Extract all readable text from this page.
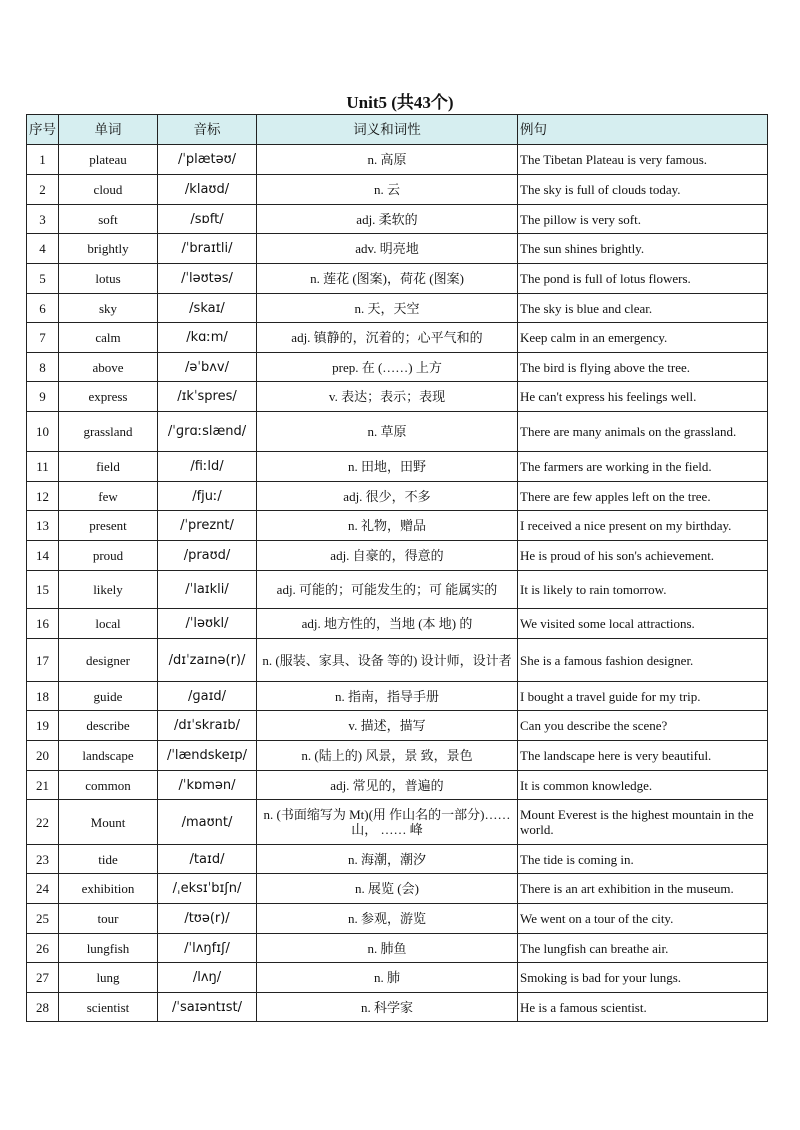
Unit5 (共43个)
序号	单词	音标	词义和词性	例句
1	plateau	/ˈplætəʊ/	n. 高原	The Tibetan Plateau is very famous.
2	cloud	/klaʊd/	n. 云	The sky is full of clouds today.
3	soft	/sɒft/	adj. 柔软的	The pillow is very soft.
4	brightly	/ˈbraɪtli/	adv. 明亮地	The sun shines brightly.
5	lotus	/ˈləʊtəs/	n. 莲花 (图案)，荷花 (图案)	The pond is full of lotus flowers.
6	sky	/skaɪ/	n. 天，天空	The sky is blue and clear.
7	calm	/kɑːm/	adj. 镇静的，沉着的；心平气和的	Keep calm in an emergency.
8	above	/əˈbʌv/	prep. 在 (……) 上方	The bird is flying above the tree.
9	express	/ɪkˈspres/	v. 表达；表示；表现	He can't express his feelings well.
10	grassland	/ˈɡrɑːslænd/	n. 草原	There are many animals on the grassland.
11	field	/fiːld/	n. 田地，田野	The farmers are working in the field.
12	few	/fjuː/	adj. 很少，不多	There are few apples left on the tree.
13	present	/ˈpreznt/	n. 礼物，赠品	I received a nice present on my birthday.
14	proud	/praʊd/	adj. 自豪的，得意的	He is proud of his son's achievement.
15	likely	/ˈlaɪkli/	adj. 可能的；可能发生的；可 能属实的	It is likely to rain tomorrow.
16	local	/ˈləʊkl/	adj. 地方性的，当地 (本 地) 的	We visited some local attractions.
17	designer	/dɪˈzaɪnə(r)/	n. (服装、家具、设备 等的) 设计师，设计者	She is a famous fashion designer.
18	guide	/ɡaɪd/	n. 指南，指导手册	I bought a travel guide for my trip.
19	describe	/dɪˈskraɪb/	v. 描述，描写	Can you describe the scene?
20	landscape	/ˈlændskeɪp/	n. (陆上的) 风景，景 致，景色	The landscape here is very beautiful.
21	common	/ˈkɒmən/	adj. 常见的，普遍的	It is common knowledge.
22	Mount	/maʊnt/	n. (书面缩写为 Mt)(用 作山名的一部分)…… 山， …… 峰	Mount Everest is the highest mountain in the world.
23	tide	/taɪd/	n. 海潮，潮汐	The tide is coming in.
24	exhibition	/ˌeksɪˈbɪʃn/	n. 展览 (会)	There is an art exhibition in the museum.
25	tour	/tʊə(r)/	n. 参观，游览	We went on a tour of the city.
26	lungfish	/ˈlʌŋfɪʃ/	n. 肺鱼	The lungfish can breathe air.
27	lung	/lʌŋ/	n. 肺	Smoking is bad for your lungs.
28	scientist	/ˈsaɪəntɪst/	n. 科学家	He is a famous scientist.
